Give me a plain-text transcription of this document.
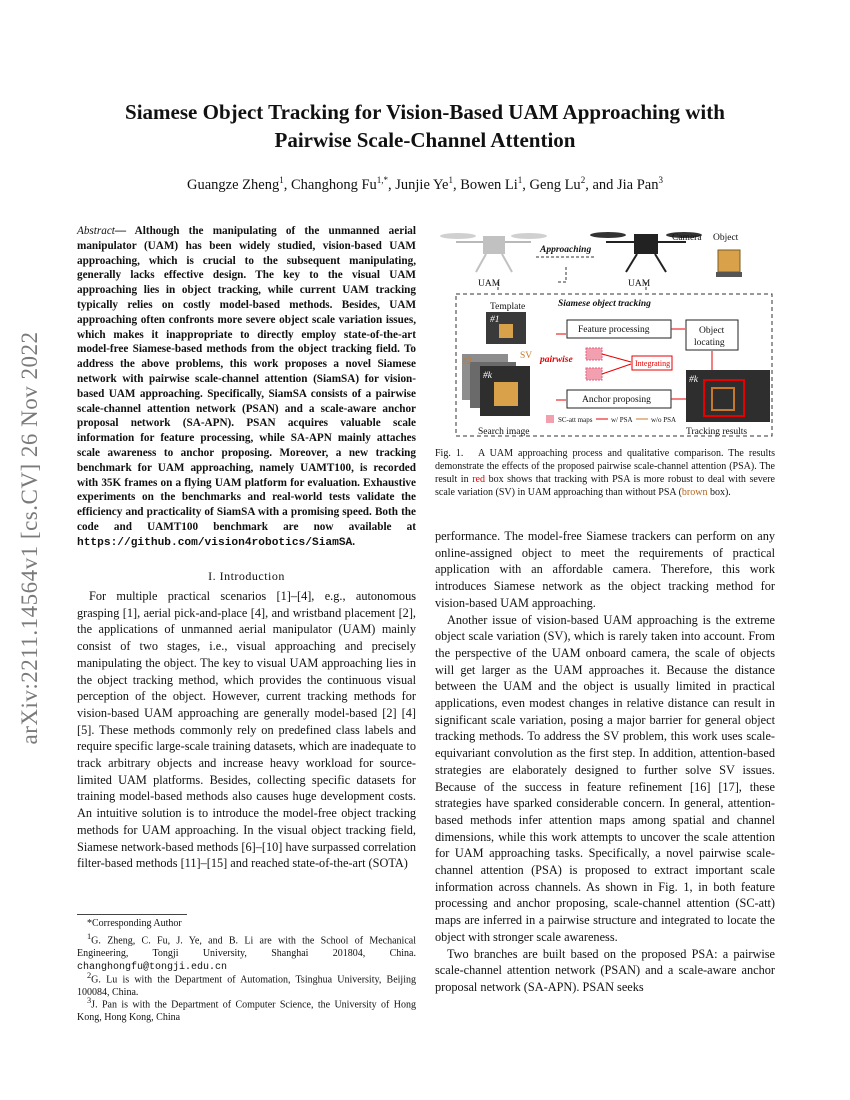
arXiv:2211.14564v1 [cs.CV] 26 Nov 2022
Siamese Object Tracking for Vision-Based UAM Approaching with
Pairwise Scale-Channel Attention
Guangze Zheng$^1$, Changhong $Fu^{1,*}$, Junjie Ye$^1$, Bowen Li$^1$, Geng Lu$^2$, and Jia Pan$^3$
Abstract— Although the manipulating of the unmanned aerial manipulator (UAM) has been widely studied, vision-based UAM approaching, which is crucial to the subsequent manipulating, generally lacks effective design. The key to the visual UAM approaching lies in object tracking, while current UAM tracking typically relies on costly model-based methods. Besides, UAM approaching often confronts more severe object scale variation issues, which makes it inappropriate to directly employ state-of-the-art model-free Siamese-based methods from the object tracking field. To address the above problems, this work proposes a novel Siamese network with pairwise scale-channel attention (SiamSA) for vision-based UAM approaching. Specifically, SiamSA consists of a pairwise scale-channel attention network (PSAN) and a scale-aware anchor proposal network (SA-APN). PSAN acquires valuable scale information for feature processing, while SA-APN mainly attaches scale awareness to anchor proposing. Moreover, a new tracking benchmark for UAM approaching, namely UAMT100, is recorded with 35K frames on a flying UAM platform for evaluation. Exhaustive experiments on the benchmarks and real-world tests validate the efficiency and practicality of SiamSA with a promising speed. Both the code and UAMT100 benchmark are now available at https://github.com/vision4robotics/SiamSA.
I. Introduction

For multiple practical scenarios [1]–[4], e.g., autonomous grasping [1], aerial pick-and-place [4], and wristband placement [2], the applications of unmanned aerial manipulator (UAM) mainly consist of two stages, i.e., visual approaching and precisely manipulating the object. The key to visual UAM approaching lies in the object tracking method, which provides the continuous visual perception of the object. However, current tracking methods for vision-based UAM approaching are generally model-based [2] [4] [5]. These methods commonly rely on predefined class labels and require specific large-scale training datasets, which are inadequate to track arbitrary objects and increase heavy workload for source-limited UAM platforms. Besides, collecting specific datasets for training model-based methods also causes huge development costs. An intuitive solution is to introduce the model-free object tracking methods for UAM approaching. In the visual object tracking field, Siamese network-based methods [6]–[10] have surpassed correlation filter-based methods [11]–[15] and reached state-of-the-art (SOTA)

*Corresponding Author
$^1$G. Zheng, C. Fu, J. Ye, and B. Li are with the School of Mechanical Engineering, Tongji University, Shanghai 201804, China. changhongfu@tongji.edu.cn
$^2$G. Lu is with the Department of Automation, Tsinghua University, Beijing 100084, China.
$^3$J. Pan is with the Department of Computer Science, the University of Hong Kong, Hong Kong, China
Camera Object
Approaching
UAM	UAM
Siamese object tracking
Template
#1
#2
#k
SV
Search image
Feature processing
Anchor proposing
Object
locating
pairwise	Integrating
#k
Tracking results
SC-att maps	w/ PSA	w/o PSA
Fig. 1. A UAM approaching process and qualitative comparison. The results demonstrate the effects of the proposed pairwise scale-channel attention (PSA). The result in red box shows that tracking with PSA is more robust to deal with severe scale variation (SV) in UAM approaching than without PSA (brown box).

performance. The model-free Siamese trackers can perform on any online-assigned object to meet the requirements of practical application with an affordable camera. Therefore, this work introduces Siamese network as the object tracking method for vision-based UAM approaching.

Another issue of vision-based UAM approaching is the extreme object scale variation (SV), which is rarely taken into account. From the perspective of the UAM onboard camera, the scale of objects will get larger as the UAM approaches it. Because the distance between the UAM and the object is usually limited in practical applications, even modest changes in relative distance can result in significant scale variation, posing a major barrier for general object tracking methods. To address the SV problem, this work uses scale-equivariant convolution as the first step. In addition, attention-based strategies are elaborately designed to further solve SV issues. Because of the success in feature refinement [16] [17], these strategies have sparked considerable concern. In general, attention-based methods infer attention maps among spatial and channel dimensions, while this work attempts to uncover the scale attention for UAM approaching tasks. Specifically, a novel pairwise scale-channel attention (PSA) is proposed to extract important scale information across channels. As shown in Fig. 1, in both feature processing and anchor proposing, scale-channel attention (SC-att) maps are inferred in a pairwise structure and integrated to locate the object with stronger scale awareness.

Two branches are built based on the proposed PSA: a pairwise scale-channel attention network (PSAN) and a scale-aware anchor proposal network (SA-APN). PSAN seeks
